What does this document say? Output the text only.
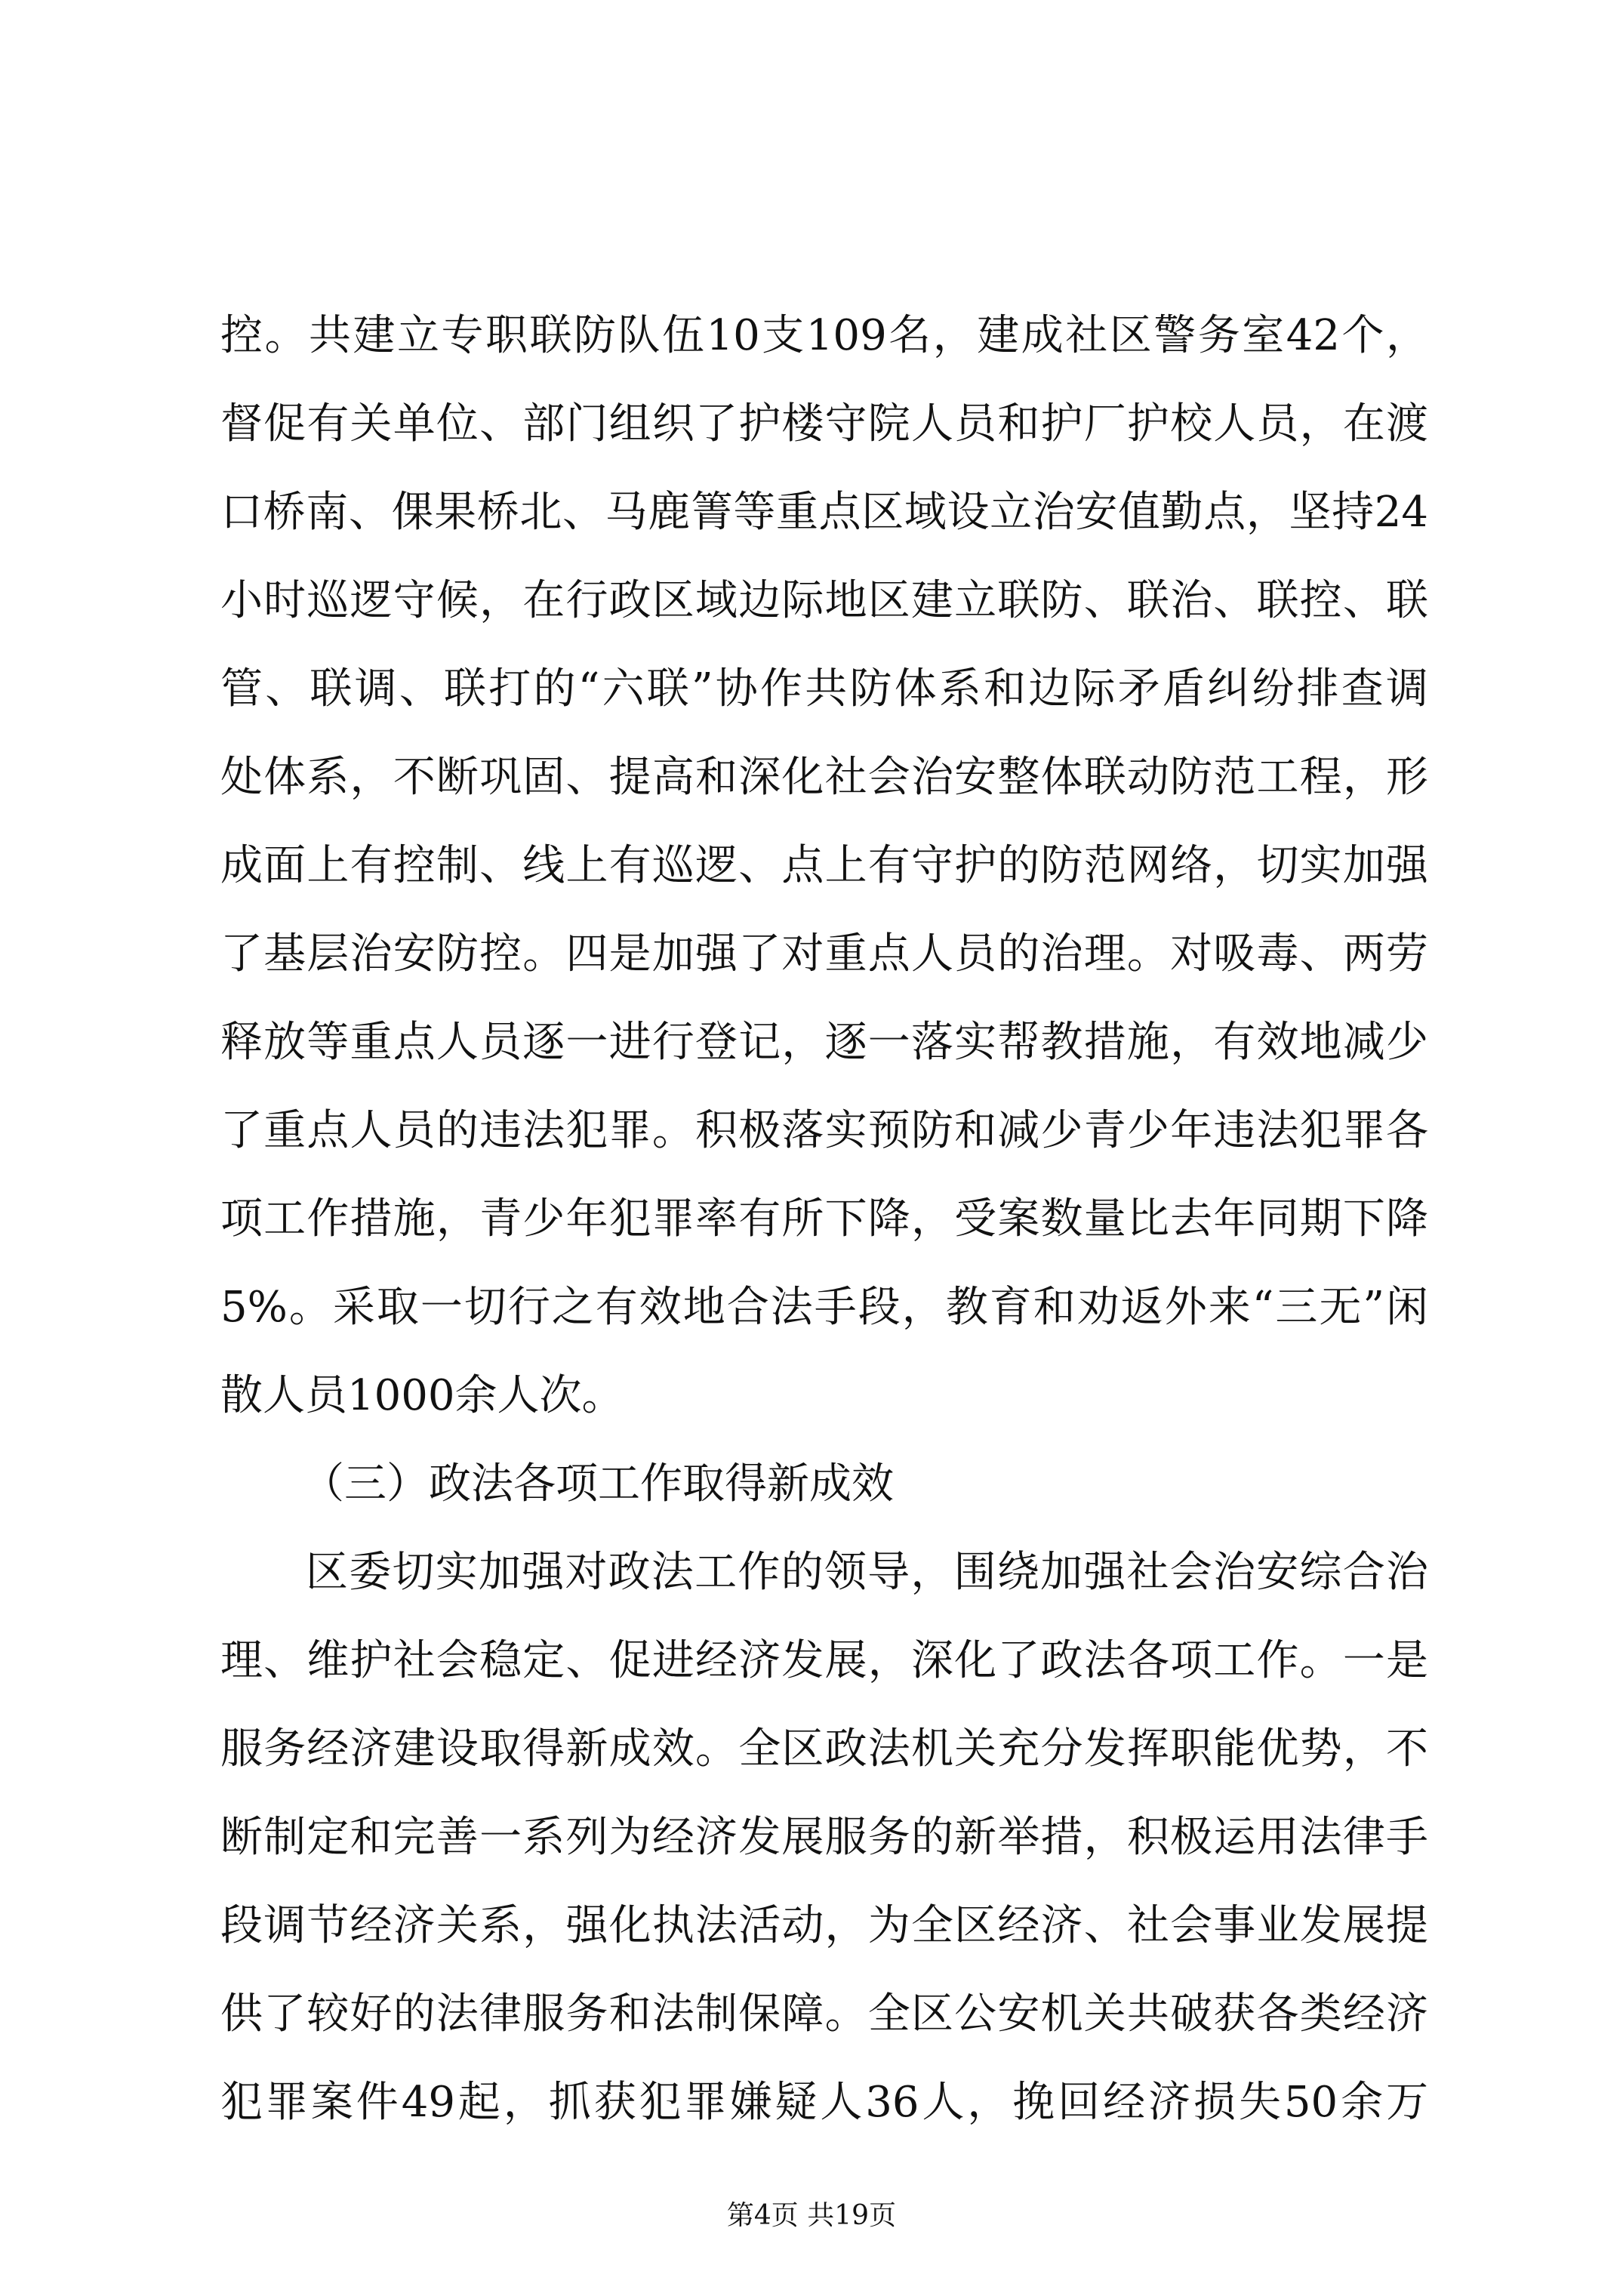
控。共建立专职联防队伍10支109名，建成社区警务室42个，
督促有关单位、部门组织了护楼守院人员和护厂护校人员，在渡
口桥南、倮果桥北、马鹿箐等重点区域设立治安值勤点，坚持24
小时巡逻守候，在行政区域边际地区建立联防、联治、联控、联
管、联调、联打的“六联”协作共防体系和边际矛盾纠纷排查调
处体系，不断巩固、提高和深化社会治安整体联动防范工程，形
成面上有控制、线上有巡逻、点上有守护的防范网络，切实加强
了基层治安防控。四是加强了对重点人员的治理。对吸毒、两劳
释放等重点人员逐一进行登记，逐一落实帮教措施，有效地减少
了重点人员的违法犯罪。积极落实预防和减少青少年违法犯罪各
项工作措施，青少年犯罪率有所下降，受案数量比去年同期下降
5%。采取一切行之有效地合法手段，教育和劝返外来“三无”闲
散人员1000余人次。
（三）政法各项工作取得新成效
区委切实加强对政法工作的领导，围绕加强社会治安综合治
理、维护社会稳定、促进经济发展，深化了政法各项工作。一是
服务经济建设取得新成效。全区政法机关充分发挥职能优势，不
断制定和完善一系列为经济发展服务的新举措，积极运用法律手
段调节经济关系，强化执法活动，为全区经济、社会事业发展提
供了较好的法律服务和法制保障。全区公安机关共破获各类经济
犯罪案件49起，抓获犯罪嫌疑人36人，挽回经济损失50余万
第4页 共19页
